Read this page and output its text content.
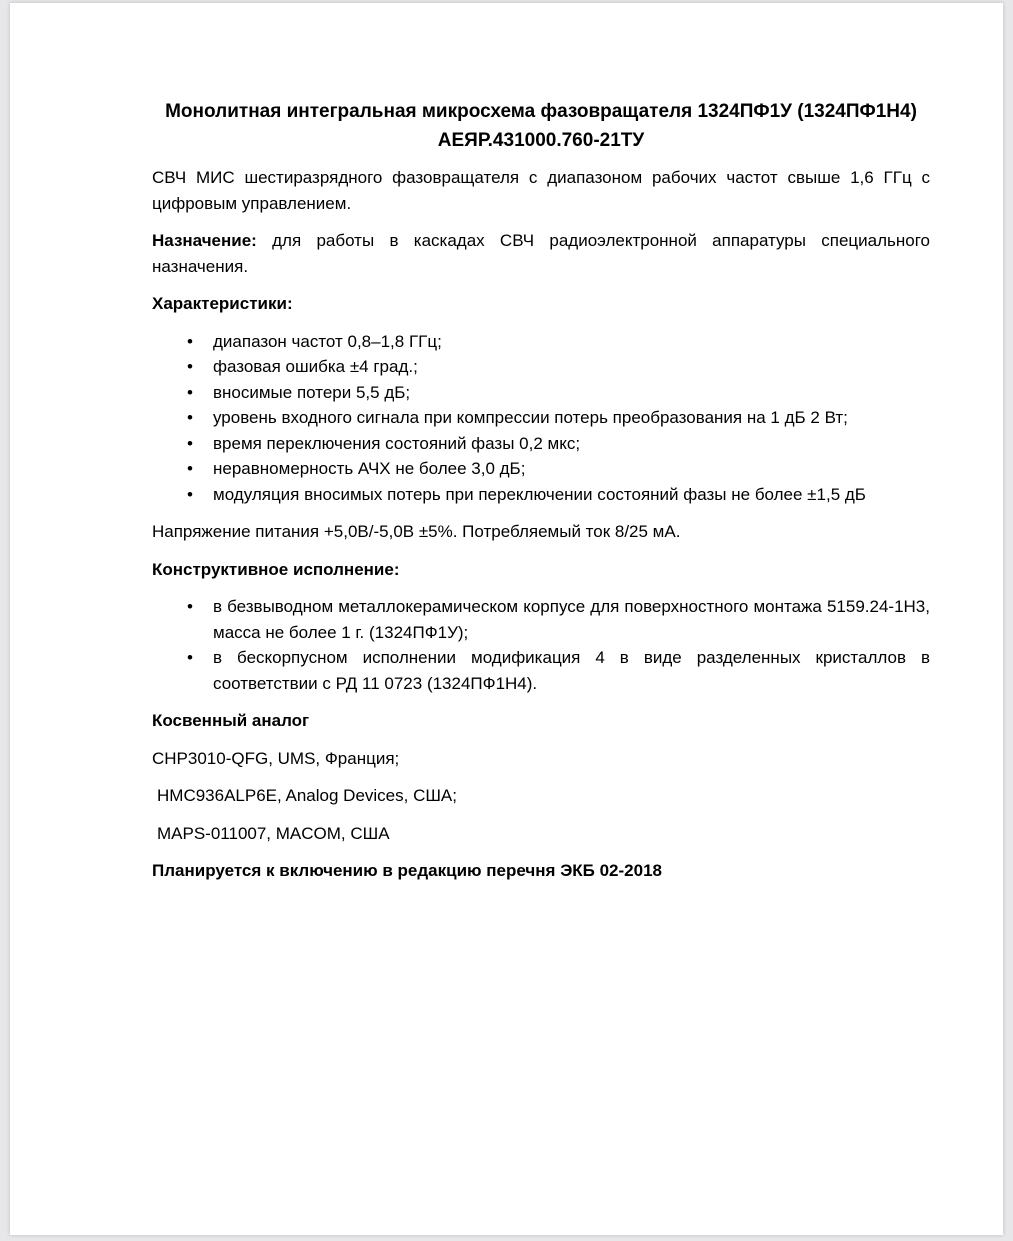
Монолитная интегральная микросхема фазовращателя 1324ПФ1У (1324ПФ1Н4)
АЕЯР.431000.760-21ТУ

СВЧ МИС шестиразрядного фазовращателя с диапазоном рабочих частот свыше 1,6 ГГц с цифровым управлением.

Назначение: для работы в каскадах СВЧ радиоэлектронной аппаратуры специального назначения.

Характеристики:

• диапазон частот 0,8–1,8 ГГц;
• фазовая ошибка ±4 град.;
• вносимые потери 5,5 дБ;
• уровень входного сигнала при компрессии потерь преобразования на 1 дБ 2 Вт;
• время переключения состояний фазы 0,2 мкс;
• неравномерность АЧХ не более 3,0 дБ;
• модуляция вносимых потерь при переключении состояний фазы не более ±1,5 дБ

Напряжение питания +5,0В/-5,0В ±5%. Потребляемый ток 8/25 мА.

Конструктивное исполнение:

• в безвыводном металлокерамическом корпусе для поверхностного монтажа 5159.24-1Н3, масса не более 1 г. (1324ПФ1У);
• в бескорпусном исполнении модификация 4 в виде разделенных кристаллов в соответствии с РД 11 0723 (1324ПФ1Н4).

Косвенный аналог

CHP3010-QFG, UMS, Франция;

HMC936ALP6E, Analog Devices, США;

MAPS-011007, MACOM, США

Планируется к включению в редакцию перечня ЭКБ 02-2018
